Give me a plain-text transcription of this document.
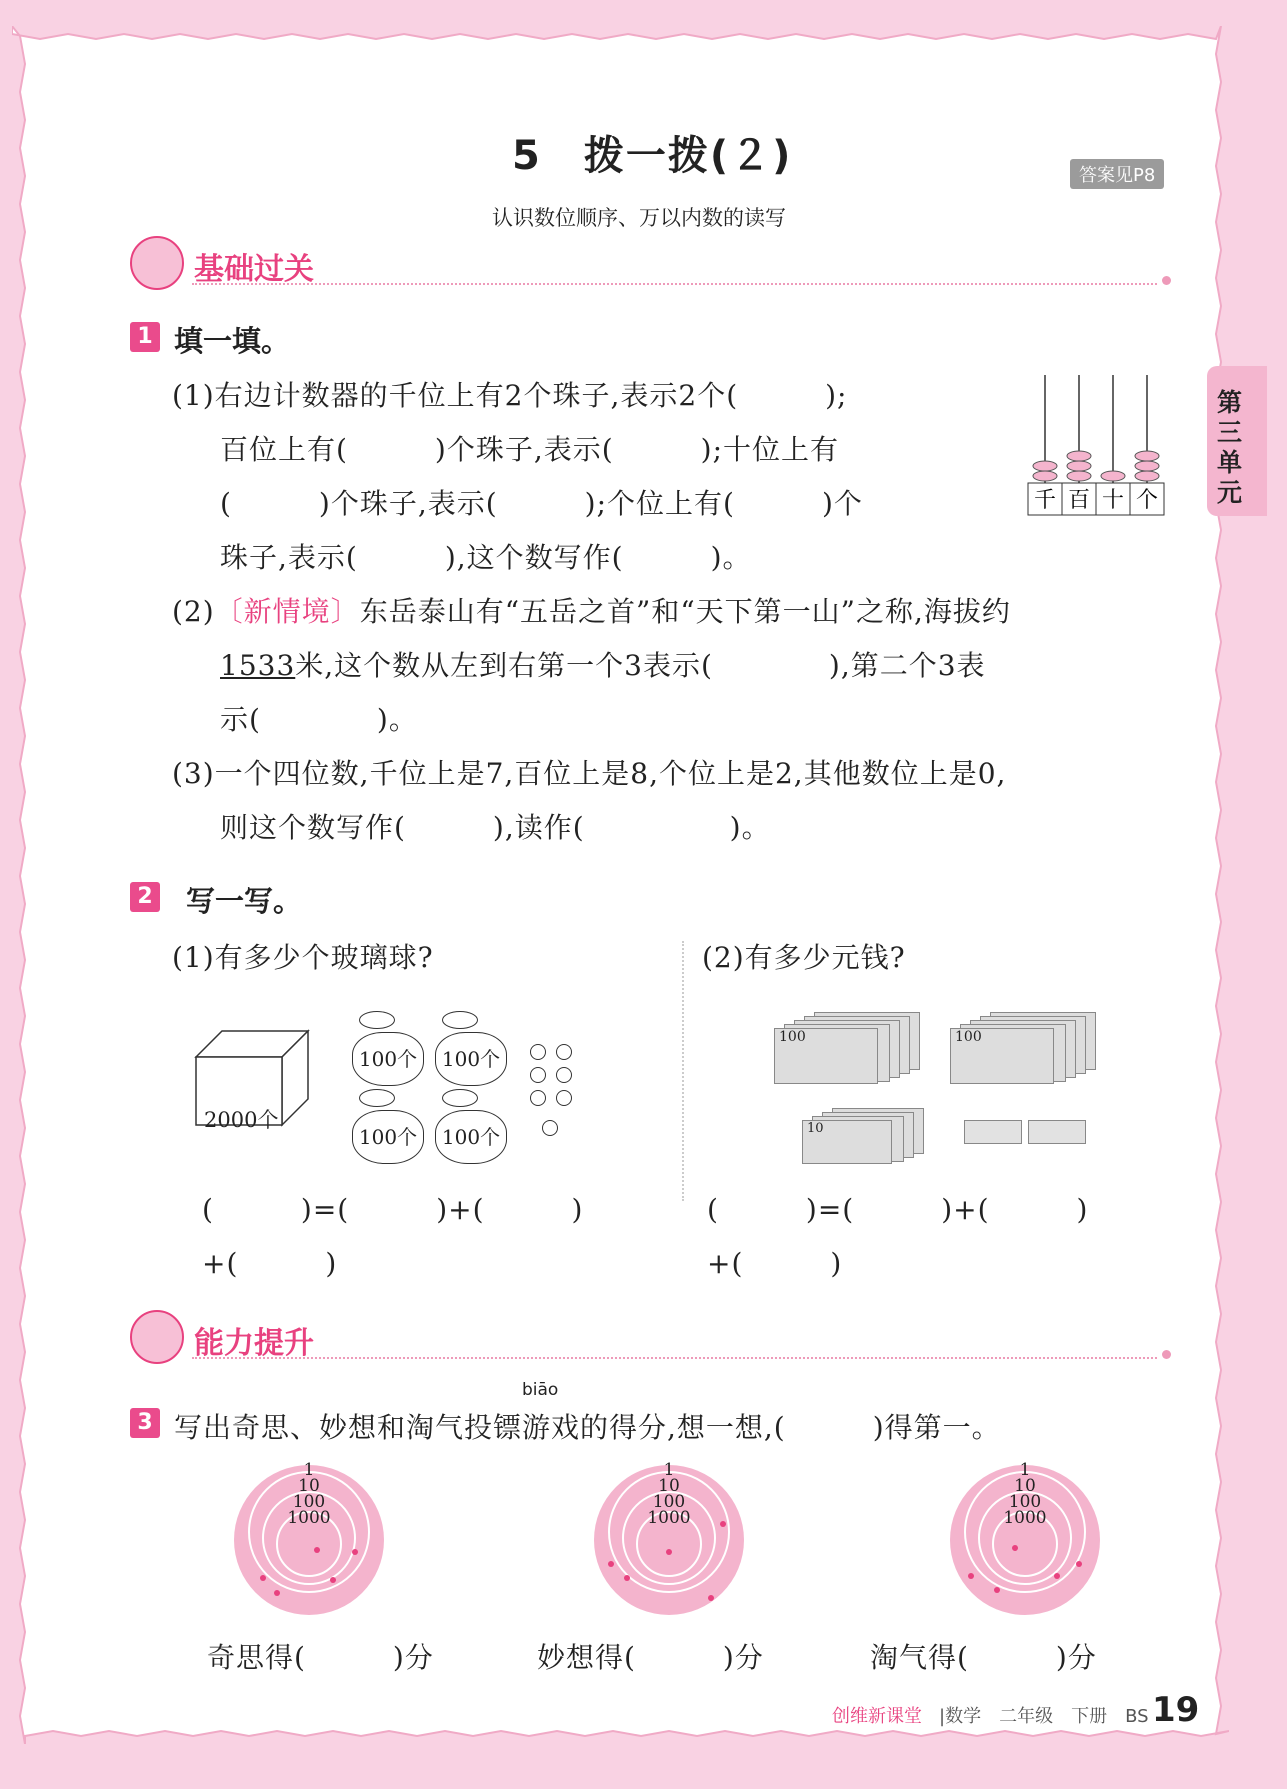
5　拨一拨(２)
认识数位顺序、万以内数的读写
答案见P8
第三单元
基础过关
1 填一填。
(1)右边计数器的千位上有2个珠子,表示2个(　　　);
百位上有(　　　)个珠子,表示(　　　);十位上有
(　　　)个珠子,表示(　　　);个位上有(　　　)个
珠子,表示(　　　),这个数写作(　　　)。
(2)〔新情境〕东岳泰山有“五岳之首”和“天下第一山”之称,海拔约
1533米,这个数从左到右第一个3表示(　　　　),第二个3表
示(　　　　)。
(3)一个四位数,千位上是7,百位上是8,个位上是2,其他数位上是0,
则这个数写作(　　　),读作(　　　　　)。
千 百 十 个
2 写一写。
(1)有多少个玻璃球?	(2)有多少元钱?
2000个
100个	100个
100个	100个
100	100
10
(　　　)=(　　　)+(　　　)
+(　　　)
(　　　)=(　　　)+(　　　)
+(　　　)
能力提升
biāo
3 写出奇思、妙想和淘气投镖游戏的得分,想一想,(　　　)得第一。
1
10
100
1000
1
10
100
1000
1
10
100
1000
奇思得(　　　)分	妙想得(　　　)分	淘气得(　　　)分
创维新课堂 |数学　二年级　下册　BS 19
